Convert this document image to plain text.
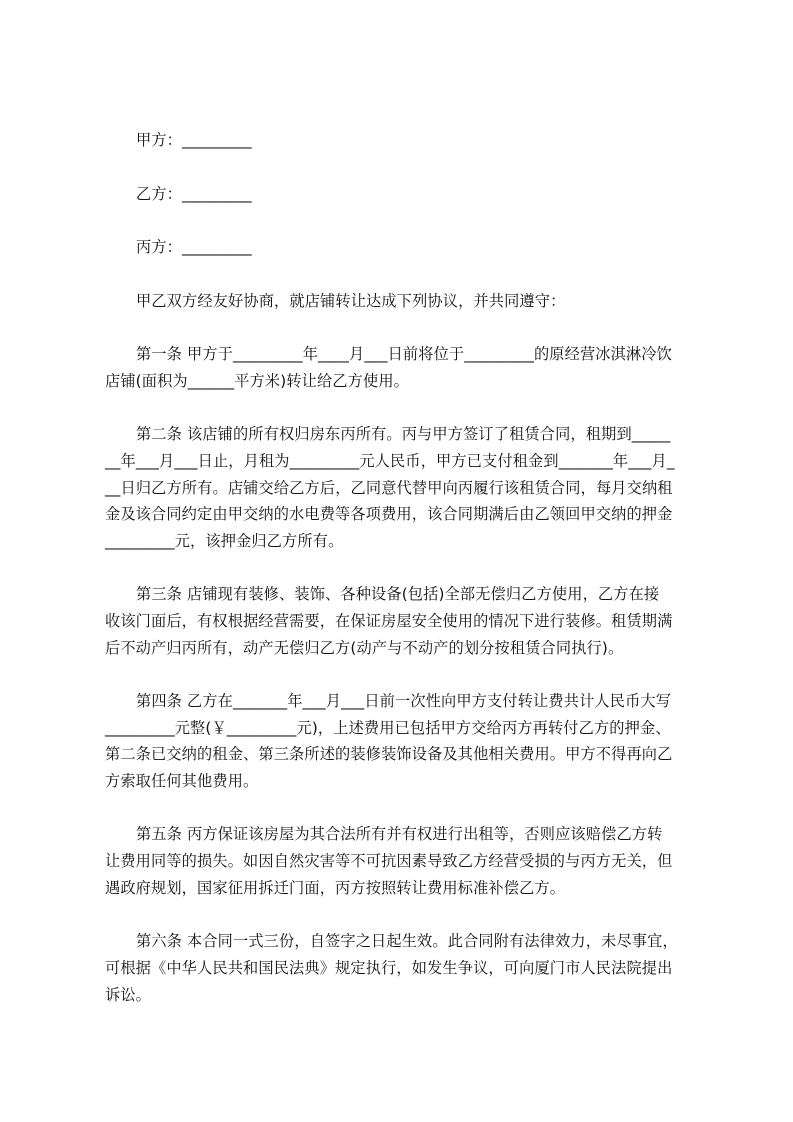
甲方：_________

乙方：_________

丙方：_________

甲乙双方经友好协商，就店铺转让达成下列协议，并共同遵守：

第一条 甲方于_________年____月___日前将位于_________的原经营冰淇淋冷饮

店铺(面积为______平方米)转让给乙方使用。

第二条 该店铺的所有权归房东丙所有。丙与甲方签订了租赁合同，租期到_____

__年___月___日止，月租为_________元人民币，甲方已支付租金到_______年___月_

__日归乙方所有。店铺交给乙方后，乙同意代替甲向丙履行该租赁合同，每月交纳租

金及该合同约定由甲交纳的水电费等各项费用，该合同期满后由乙领回甲交纳的押金

_________元，该押金归乙方所有。

第三条 店铺现有装修、装饰、各种设备(包括)全部无偿归乙方使用，乙方在接

收该门面后，有权根据经营需要，在保证房屋安全使用的情况下进行装修。租赁期满

后不动产归丙所有，动产无偿归乙方(动产与不动产的划分按租赁合同执行)。

第四条 乙方在_______年___月___日前一次性向甲方支付转让费共计人民币大写

_________元整(￥_________元)，上述费用已包括甲方交给丙方再转付乙方的押金、

第二条已交纳的租金、第三条所述的装修装饰设备及其他相关费用。甲方不得再向乙

方索取任何其他费用。

第五条 丙方保证该房屋为其合法所有并有权进行出租等，否则应该赔偿乙方转

让费用同等的损失。如因自然灾害等不可抗因素导致乙方经营受损的与丙方无关，但

遇政府规划，国家征用拆迁门面，丙方按照转让费用标准补偿乙方。

第六条 本合同一式三份，自签字之日起生效。此合同附有法律效力，未尽事宜，

可根据《中华人民共和国民法典》规定执行，如发生争议，可向厦门市人民法院提出

诉讼。
